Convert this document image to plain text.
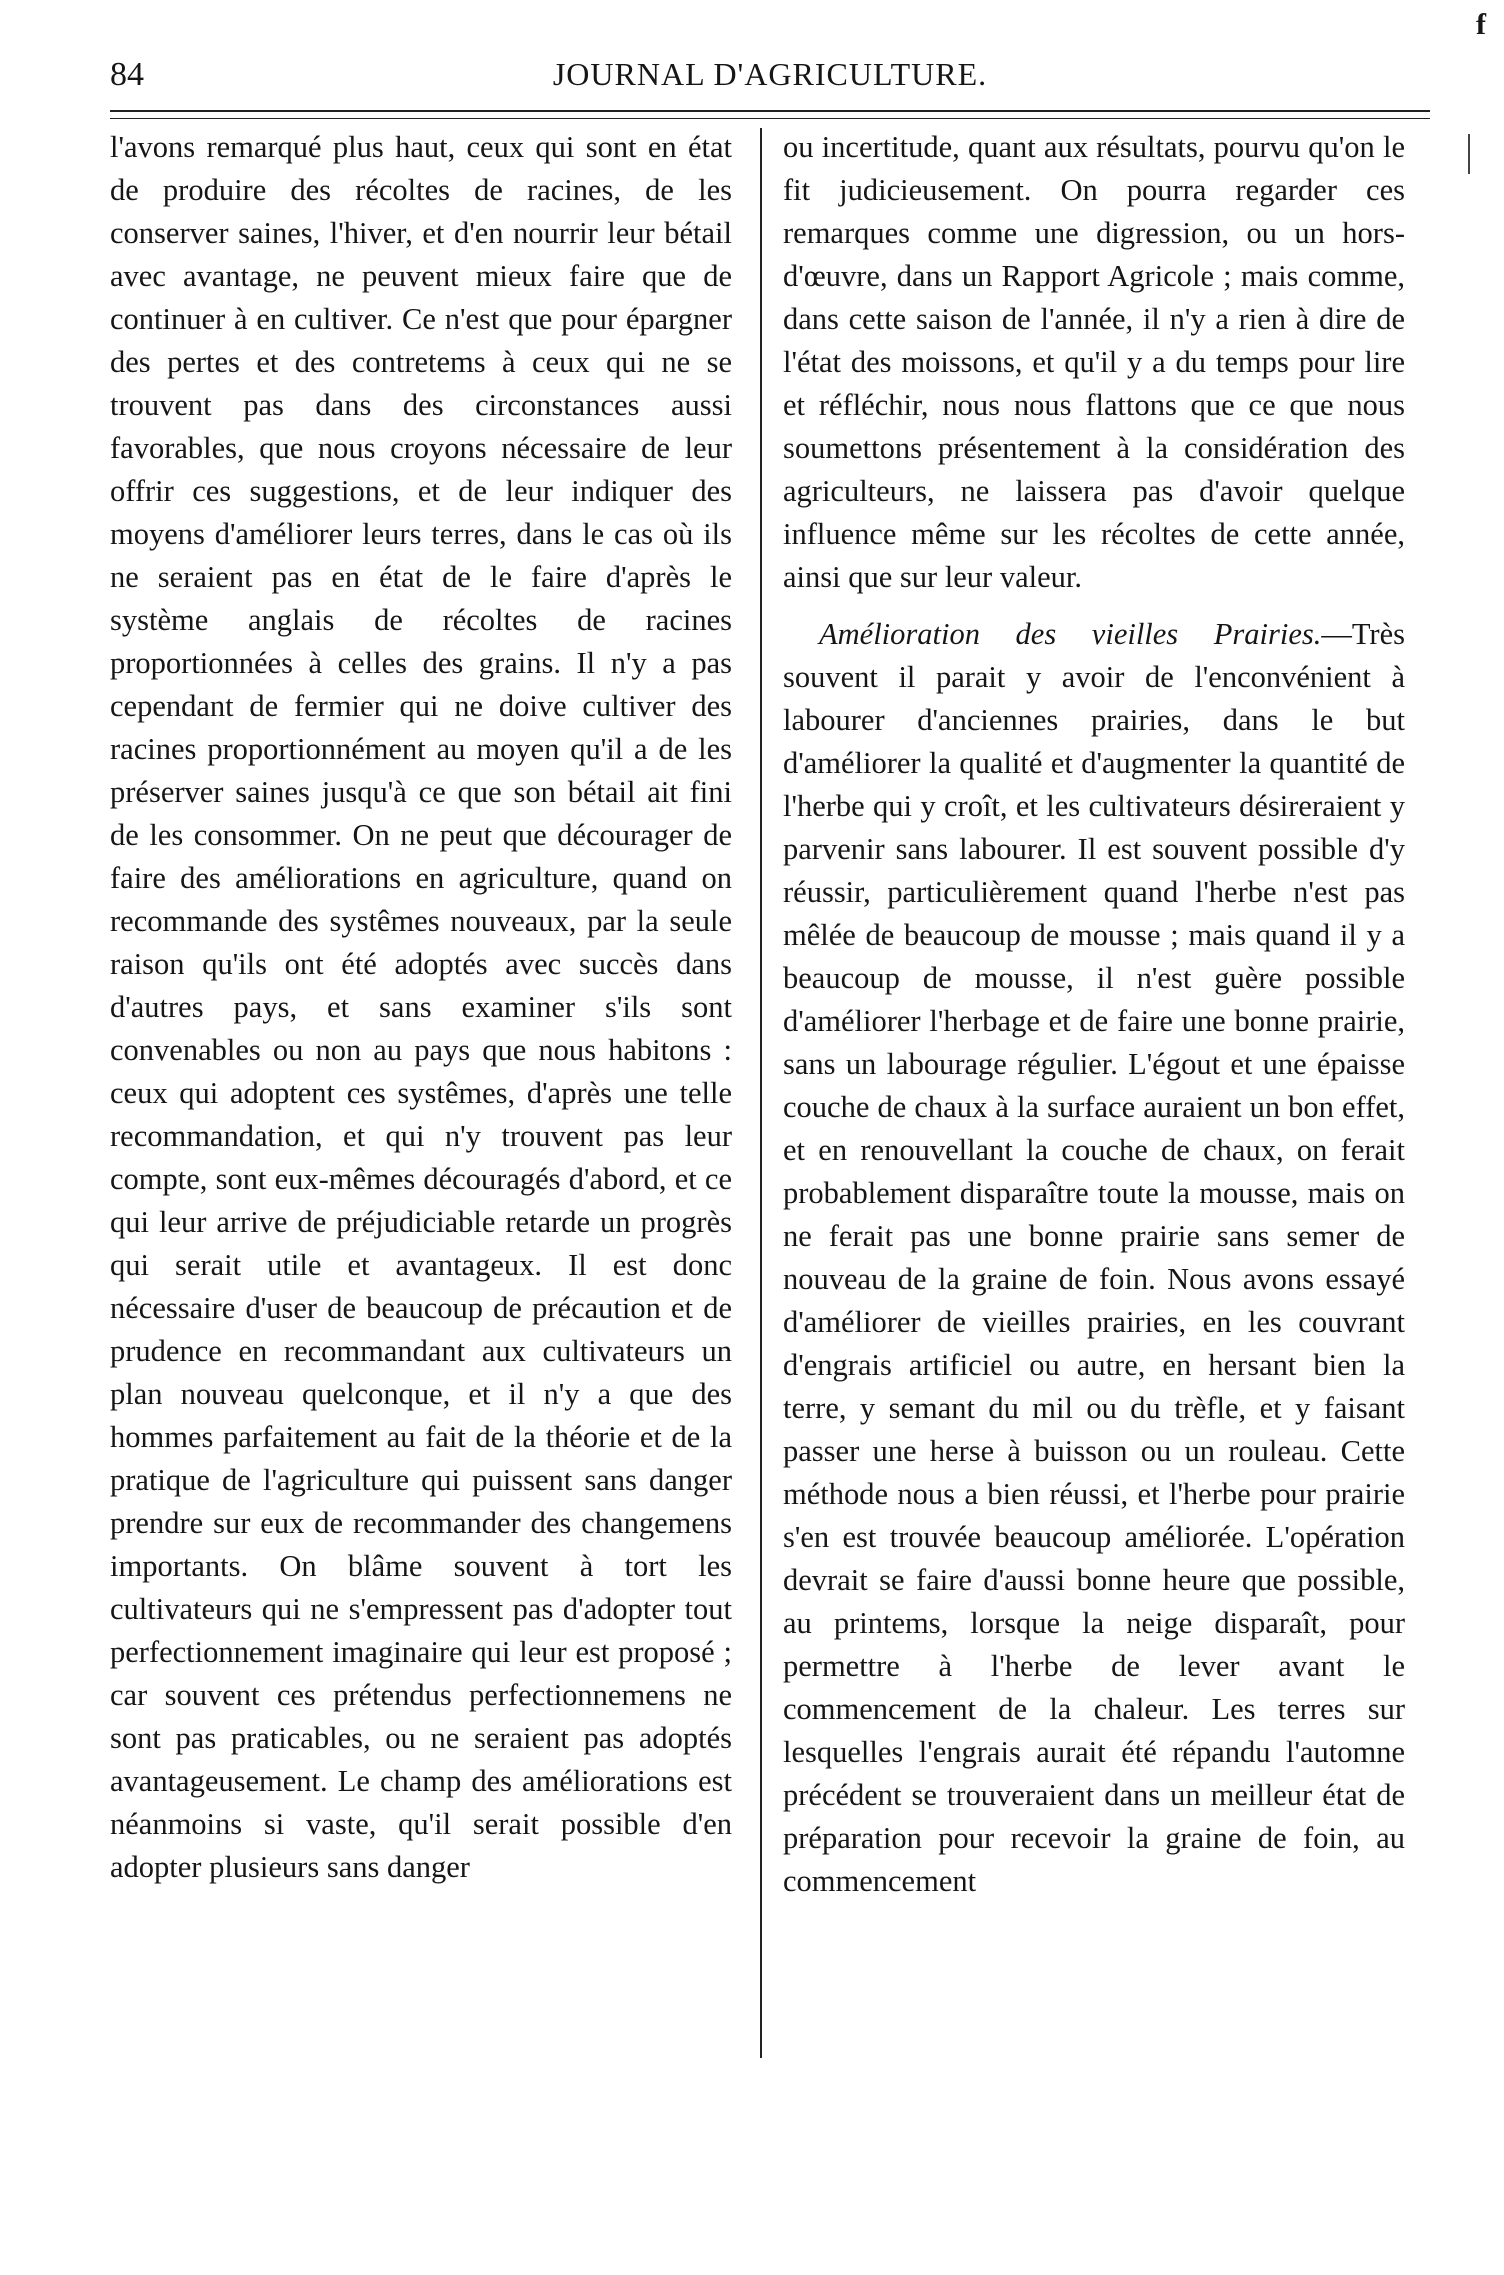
f
84	JOURNAL D'AGRICULTURE.

l'avons remarqué plus haut, ceux qui sont en état de produire des récoltes de racines, de les conserver saines, l'hiver, et d'en nourrir leur bétail avec avantage, ne peuvent mieux faire que de continuer à en cultiver. Ce n'est que pour épargner des pertes et des contretems à ceux qui ne se trouvent pas dans des circonstances aussi favorables, que nous croyons nécessaire de leur offrir ces suggestions, et de leur indiquer des moyens d'améliorer leurs terres, dans le cas où ils ne seraient pas en état de le faire d'après le système anglais de récoltes de racines proportionnées à celles des grains. Il n'y a pas cependant de fermier qui ne doive cultiver des racines proportionnément au moyen qu'il a de les préserver saines jusqu'à ce que son bétail ait fini de les consommer. On ne peut que décourager de faire des améliorations en agriculture, quand on recommande des systêmes nouveaux, par la seule raison qu'ils ont été adoptés avec succès dans d'autres pays, et sans examiner s'ils sont convenables ou non au pays que nous habitons : ceux qui adoptent ces systêmes, d'après une telle recommandation, et qui n'y trouvent pas leur compte, sont eux-mêmes découragés d'abord, et ce qui leur arrive de préjudiciable retarde un progrès qui serait utile et avantageux. Il est donc nécessaire d'user de beaucoup de précaution et de prudence en recommandant aux cultivateurs un plan nouveau quelconque, et il n'y a que des hommes parfaitement au fait de la théorie et de la pratique de l'agriculture qui puissent sans danger prendre sur eux de recommander des changemens importants. On blâme souvent à tort les cultivateurs qui ne s'empressent pas d'adopter tout perfectionnement imaginaire qui leur est proposé ; car souvent ces prétendus perfectionnemens ne sont pas praticables, ou ne seraient pas adoptés avantageusement. Le champ des améliorations est néanmoins si vaste, qu'il serait possible d'en adopter plusieurs sans danger

ou incertitude, quant aux résultats, pourvu qu'on le fit judicieusement. On pourra regarder ces remarques comme une digression, ou un hors-d'œuvre, dans un Rapport Agricole ; mais comme, dans cette saison de l'année, il n'y a rien à dire de l'état des moissons, et qu'il y a du temps pour lire et réfléchir, nous nous flattons que ce que nous soumettons présentement à la considération des agriculteurs, ne laissera pas d'avoir quelque influence même sur les récoltes de cette année, ainsi que sur leur valeur.

Amélioration des vieilles Prairies.—Très souvent il parait y avoir de l'enconvénient à labourer d'anciennes prairies, dans le but d'améliorer la qualité et d'augmenter la quantité de l'herbe qui y croît, et les cultivateurs désireraient y parvenir sans labourer. Il est souvent possible d'y réussir, particulièrement quand l'herbe n'est pas mêlée de beaucoup de mousse ; mais quand il y a beaucoup de mousse, il n'est guère possible d'améliorer l'herbage et de faire une bonne prairie, sans un labourage régulier. L'égout et une épaisse couche de chaux à la surface auraient un bon effet, et en renouvellant la couche de chaux, on ferait probablement disparaître toute la mousse, mais on ne ferait pas une bonne prairie sans semer de nouveau de la graine de foin. Nous avons essayé d'améliorer de vieilles prairies, en les couvrant d'engrais artificiel ou autre, en hersant bien la terre, y semant du mil ou du trèfle, et y faisant passer une herse à buisson ou un rouleau. Cette méthode nous a bien réussi, et l'herbe pour prairie s'en est trouvée beaucoup améliorée. L'opération devrait se faire d'aussi bonne heure que possible, au printems, lorsque la neige disparaît, pour permettre à l'herbe de lever avant le commencement de la chaleur. Les terres sur lesquelles l'engrais aurait été répandu l'automne précédent se trouveraient dans un meilleur état de préparation pour recevoir la graine de foin, au commencement
